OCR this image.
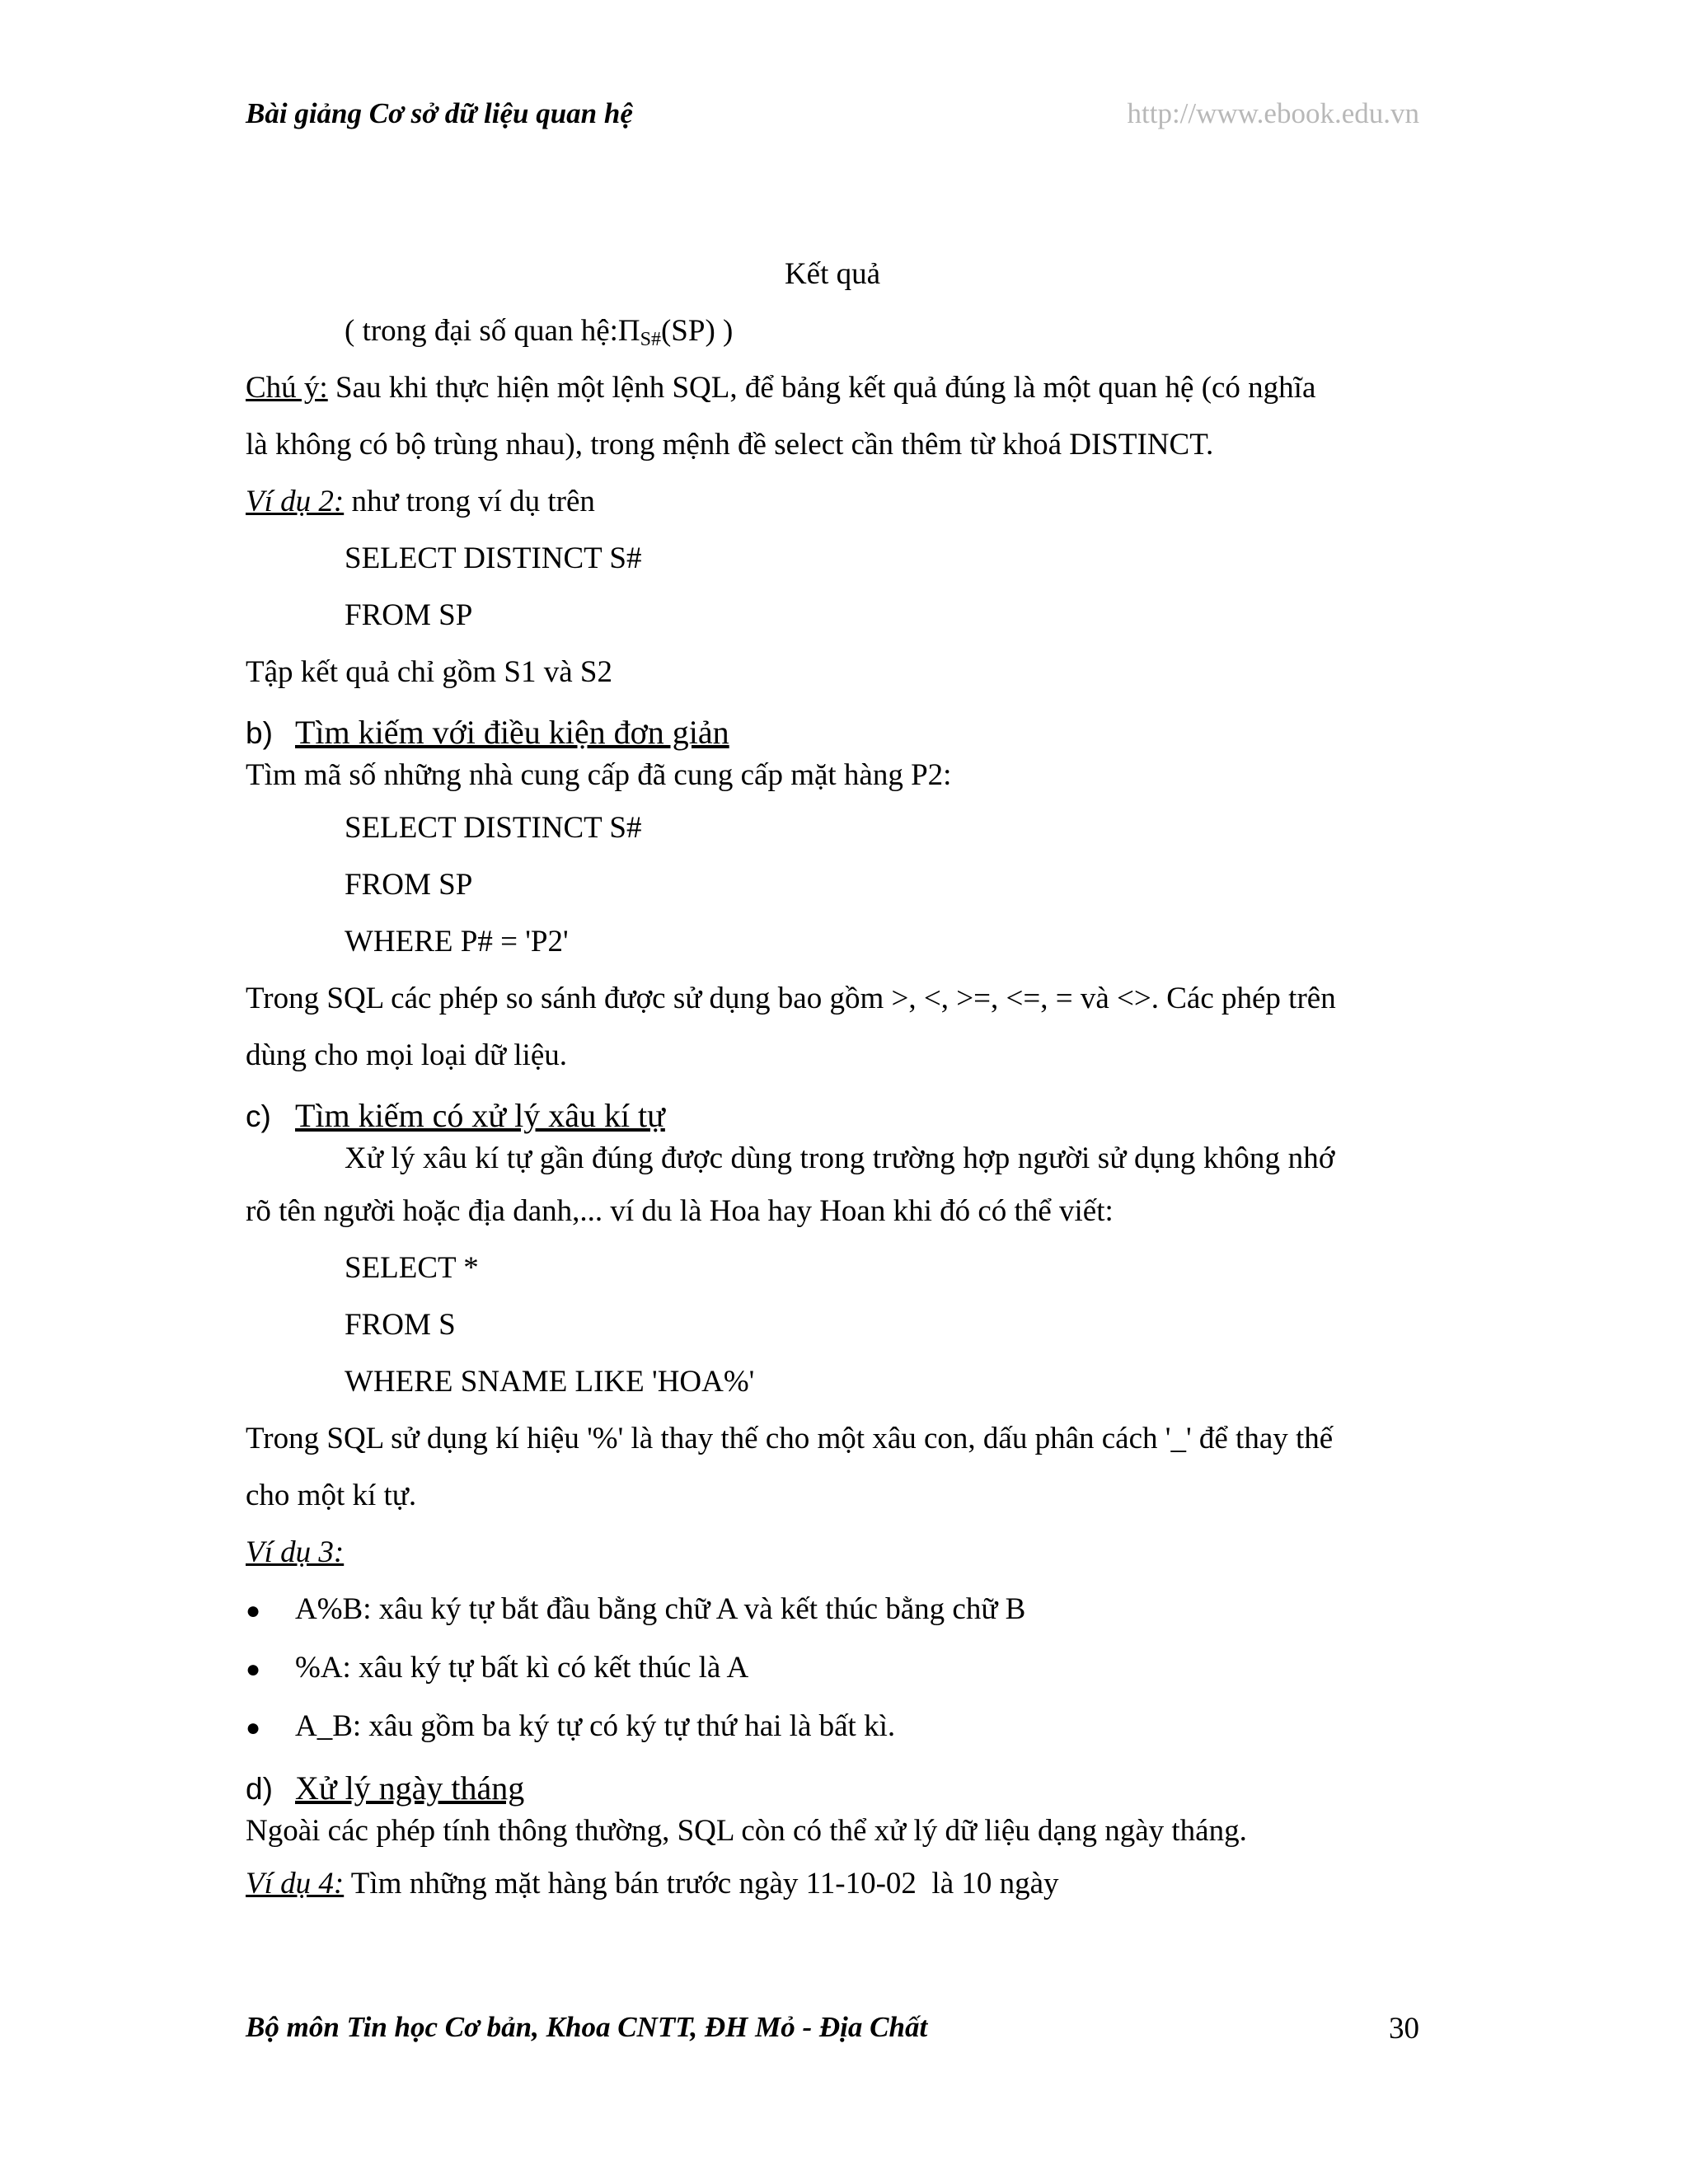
Bài giảng Cơ sở dữ liệu quan hệ	http://www.ebook.edu.vn

Kết quả

( trong đại số quan $hệ:\Pi_{S\#}(SP)$ )

Chú ý: Sau khi thực hiện một lệnh SQL, để bảng kết quả đúng là một quan hệ (có nghĩa

là không có bộ trùng nhau), trong mệnh đề select cần thêm từ khoá DISTINCT.

Ví dụ 2: như trong ví dụ trên

SELECT DISTINCT S#

FROM SP

Tập kết quả chỉ gồm S1 và S2

b) Tìm kiếm với điều kiện đơn giản

Tìm mã số những nhà cung cấp đã cung cấp mặt hàng P2:

SELECT DISTINCT S#

FROM SP

WHERE P# = 'P2'

Trong SQL các phép so sánh được sử dụng bao gồm >, <, >=, <=, = và <>. Các phép trên

dùng cho mọi loại dữ liệu.

c) Tìm kiếm có xử lý xâu kí tự

Xử lý xâu kí tự gần đúng được dùng trong trường hợp người sử dụng không nhớ

rõ tên người hoặc địa danh,... ví du là Hoa hay Hoan khi đó có thể viết:

SELECT *

FROM S

WHERE SNAME LIKE 'HOA%'

Trong SQL sử dụng kí hiệu '%' là thay thế cho một xâu con, dấu phân cách '_' để thay thế

cho một kí tự.

Ví dụ 3:

●	A%B: xâu ký tự bắt đầu bằng chữ A và kết thúc bằng chữ B
●	%A: xâu ký tự bất kì có kết thúc là A
●	A_B: xâu gồm ba ký tự có ký tự thứ hai là bất kì.
d) Xử lý ngày tháng

Ngoài các phép tính thông thường, SQL còn có thể xử lý dữ liệu dạng ngày tháng.

Ví dụ 4: Tìm những mặt hàng bán trước ngày 11-10-02  là 10 ngày

Bộ môn Tin học Cơ bản, Khoa CNTT, ĐH Mỏ - Địa Chất	30
